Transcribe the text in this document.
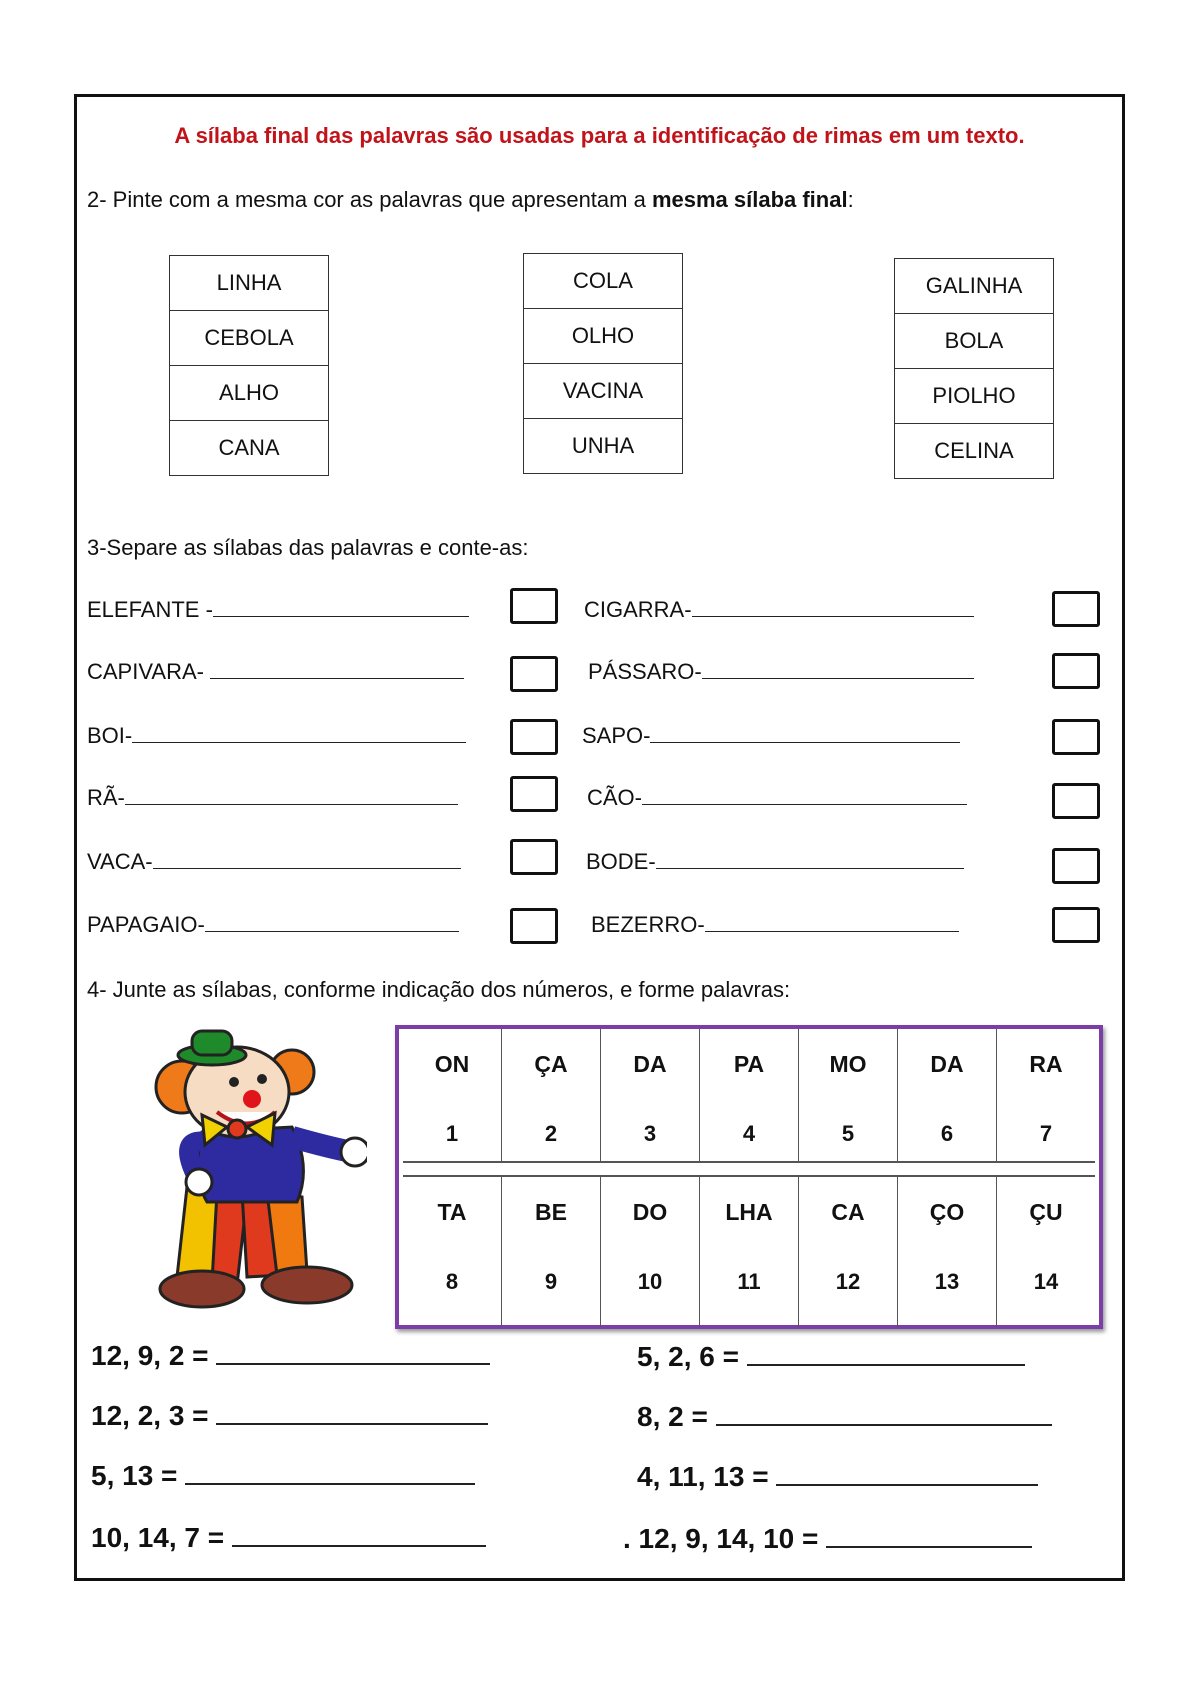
A sílaba final das palavras são usadas para a identificação de rimas em um texto.
2- Pinte com a mesma cor as palavras que apresentam a mesma sílaba final:
LINHA
CEBOLA
ALHO
CANA
COLA
OLHO
VACINA
UNHA
GALINHA
BOLA
PIOLHO
CELINA
3-Separe as sílabas das palavras e conte-as:
ELEFANTE -
CAPIVARA-
BOI-
RÃ-
VACA-
PAPAGAIO-
CIGARRA-
PÁSSARO-
SAPO-
CÃO-
BODE-
BEZERRO-
4- Junte as sílabas, conforme indicação dos números, e forme palavras:
ON
1
ÇA
2
DA
3
PA
4
MO
5
DA
6
RA
7
TA
8
BE
9
DO
10
LHA
11
CA
12
ÇO
13
ÇU
14
12, 9, 2 =
12, 2, 3 =
5, 13 =
10, 14, 7 =
5, 2, 6 =
8, 2 =
4, 11, 13 =
. 12, 9, 14, 10 =
